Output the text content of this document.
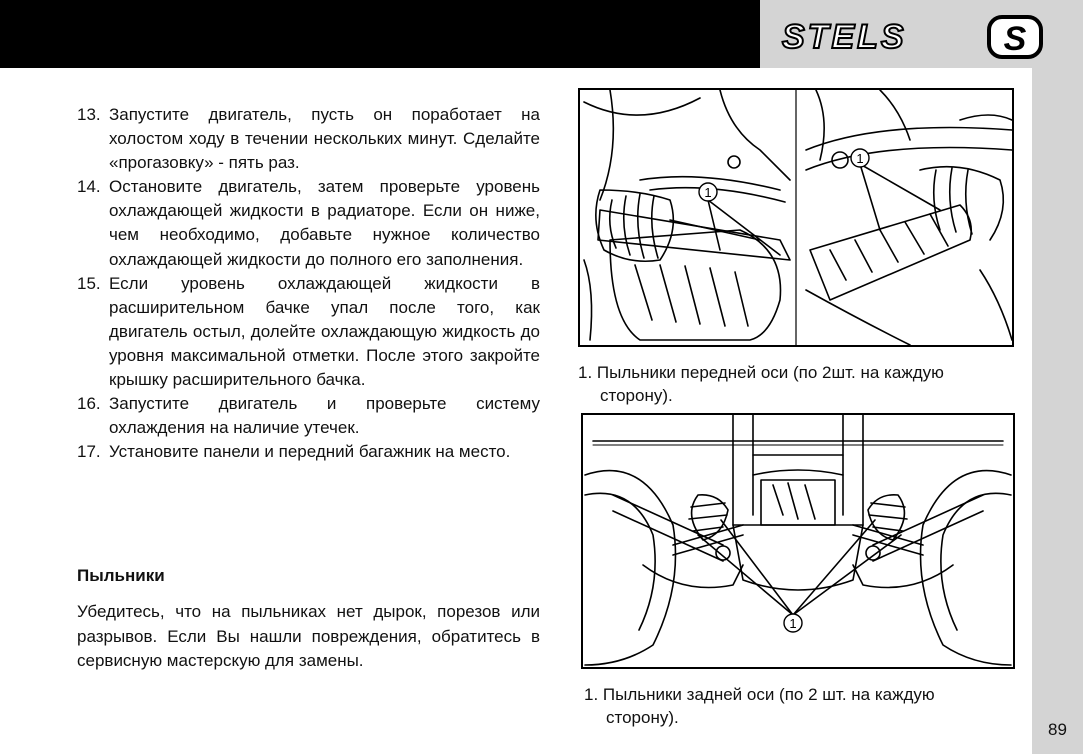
STELS	S
89
13. Запустите двигатель, пусть он поработает на холостом ходу в течении нескольких минут. Сделайте «прогазовку» - пять раз.
14. Остановите двигатель, затем проверьте уровень охлаждающей жидкости в радиаторе. Если он ниже, чем необходимо, добавьте нужное количество охлаждающей жидкости до полного его заполнения.
15. Если уровень охлаждающей жидкости в расширительном бачке упал после того, как двигатель остыл, долейте охлаждающую жидкость до уровня максимальной отметки. После этого закройте крышку расширительного бачка.
16. Запустите двигатель и проверьте систему охлаждения на наличие утечек.
17. Установите панели и передний багажник на место.
Пыльники

Убедитесь, что на пыльниках нет дырок, порезов или разрывов. Если Вы нашли повреждения, обратитесь в сервисную мастерскую для замены.

1
1
1. Пыльники передней оси (по 2шт. на каждую
сторону).
1
1. Пыльники задней оси (по 2 шт. на каждую
сторону).
